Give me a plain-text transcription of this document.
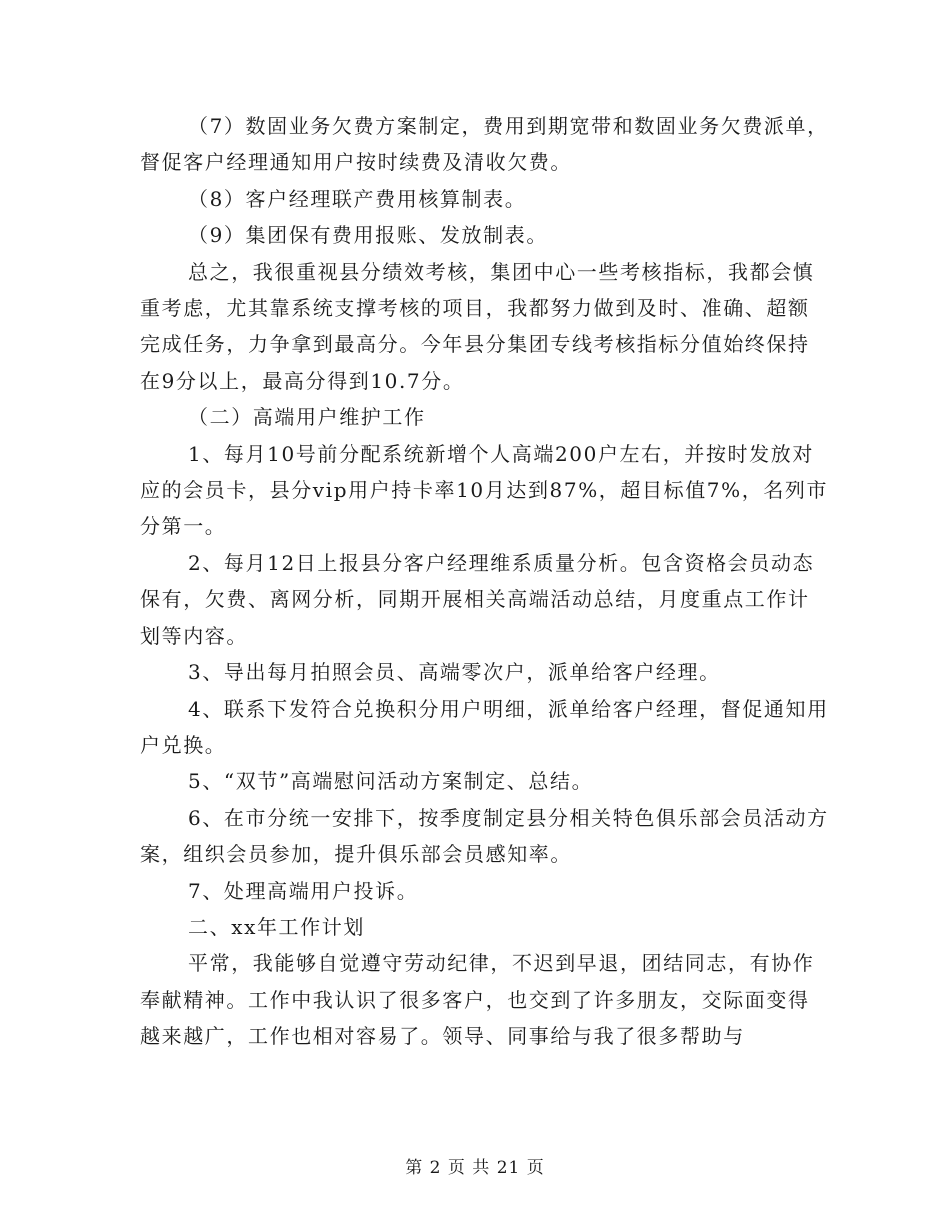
（7）数固业务欠费方案制定，费用到期宽带和数固业务欠费派单，督促客户经理通知用户按时续费及清收欠费。

（8）客户经理联产费用核算制表。

（9）集团保有费用报账、发放制表。

总之，我很重视县分绩效考核，集团中心一些考核指标，我都会慎重考虑，尤其靠系统支撑考核的项目，我都努力做到及时、准确、超额完成任务，力争拿到最高分。今年县分集团专线考核指标分值始终保持在9分以上，最高分得到10.7分。

（二）高端用户维护工作

1、每月10号前分配系统新增个人高端200户左右，并按时发放对应的会员卡，县分vip用户持卡率10月达到87%，超目标值7%，名列市分第一。

2、每月12日上报县分客户经理维系质量分析。包含资格会员动态保有，欠费、离网分析，同期开展相关高端活动总结，月度重点工作计划等内容。

3、导出每月拍照会员、高端零次户，派单给客户经理。

4、联系下发符合兑换积分用户明细，派单给客户经理，督促通知用户兑换。

5、“双节”高端慰问活动方案制定、总结。

6、在市分统一安排下，按季度制定县分相关特色俱乐部会员活动方案，组织会员参加，提升俱乐部会员感知率。

7、处理高端用户投诉。

二、xx年工作计划

平常，我能够自觉遵守劳动纪律，不迟到早退，团结同志，有协作奉献精神。工作中我认识了很多客户，也交到了许多朋友，交际面变得越来越广，工作也相对容易了。领导、同事给与我了很多帮助与

第 2 页 共 21 页
